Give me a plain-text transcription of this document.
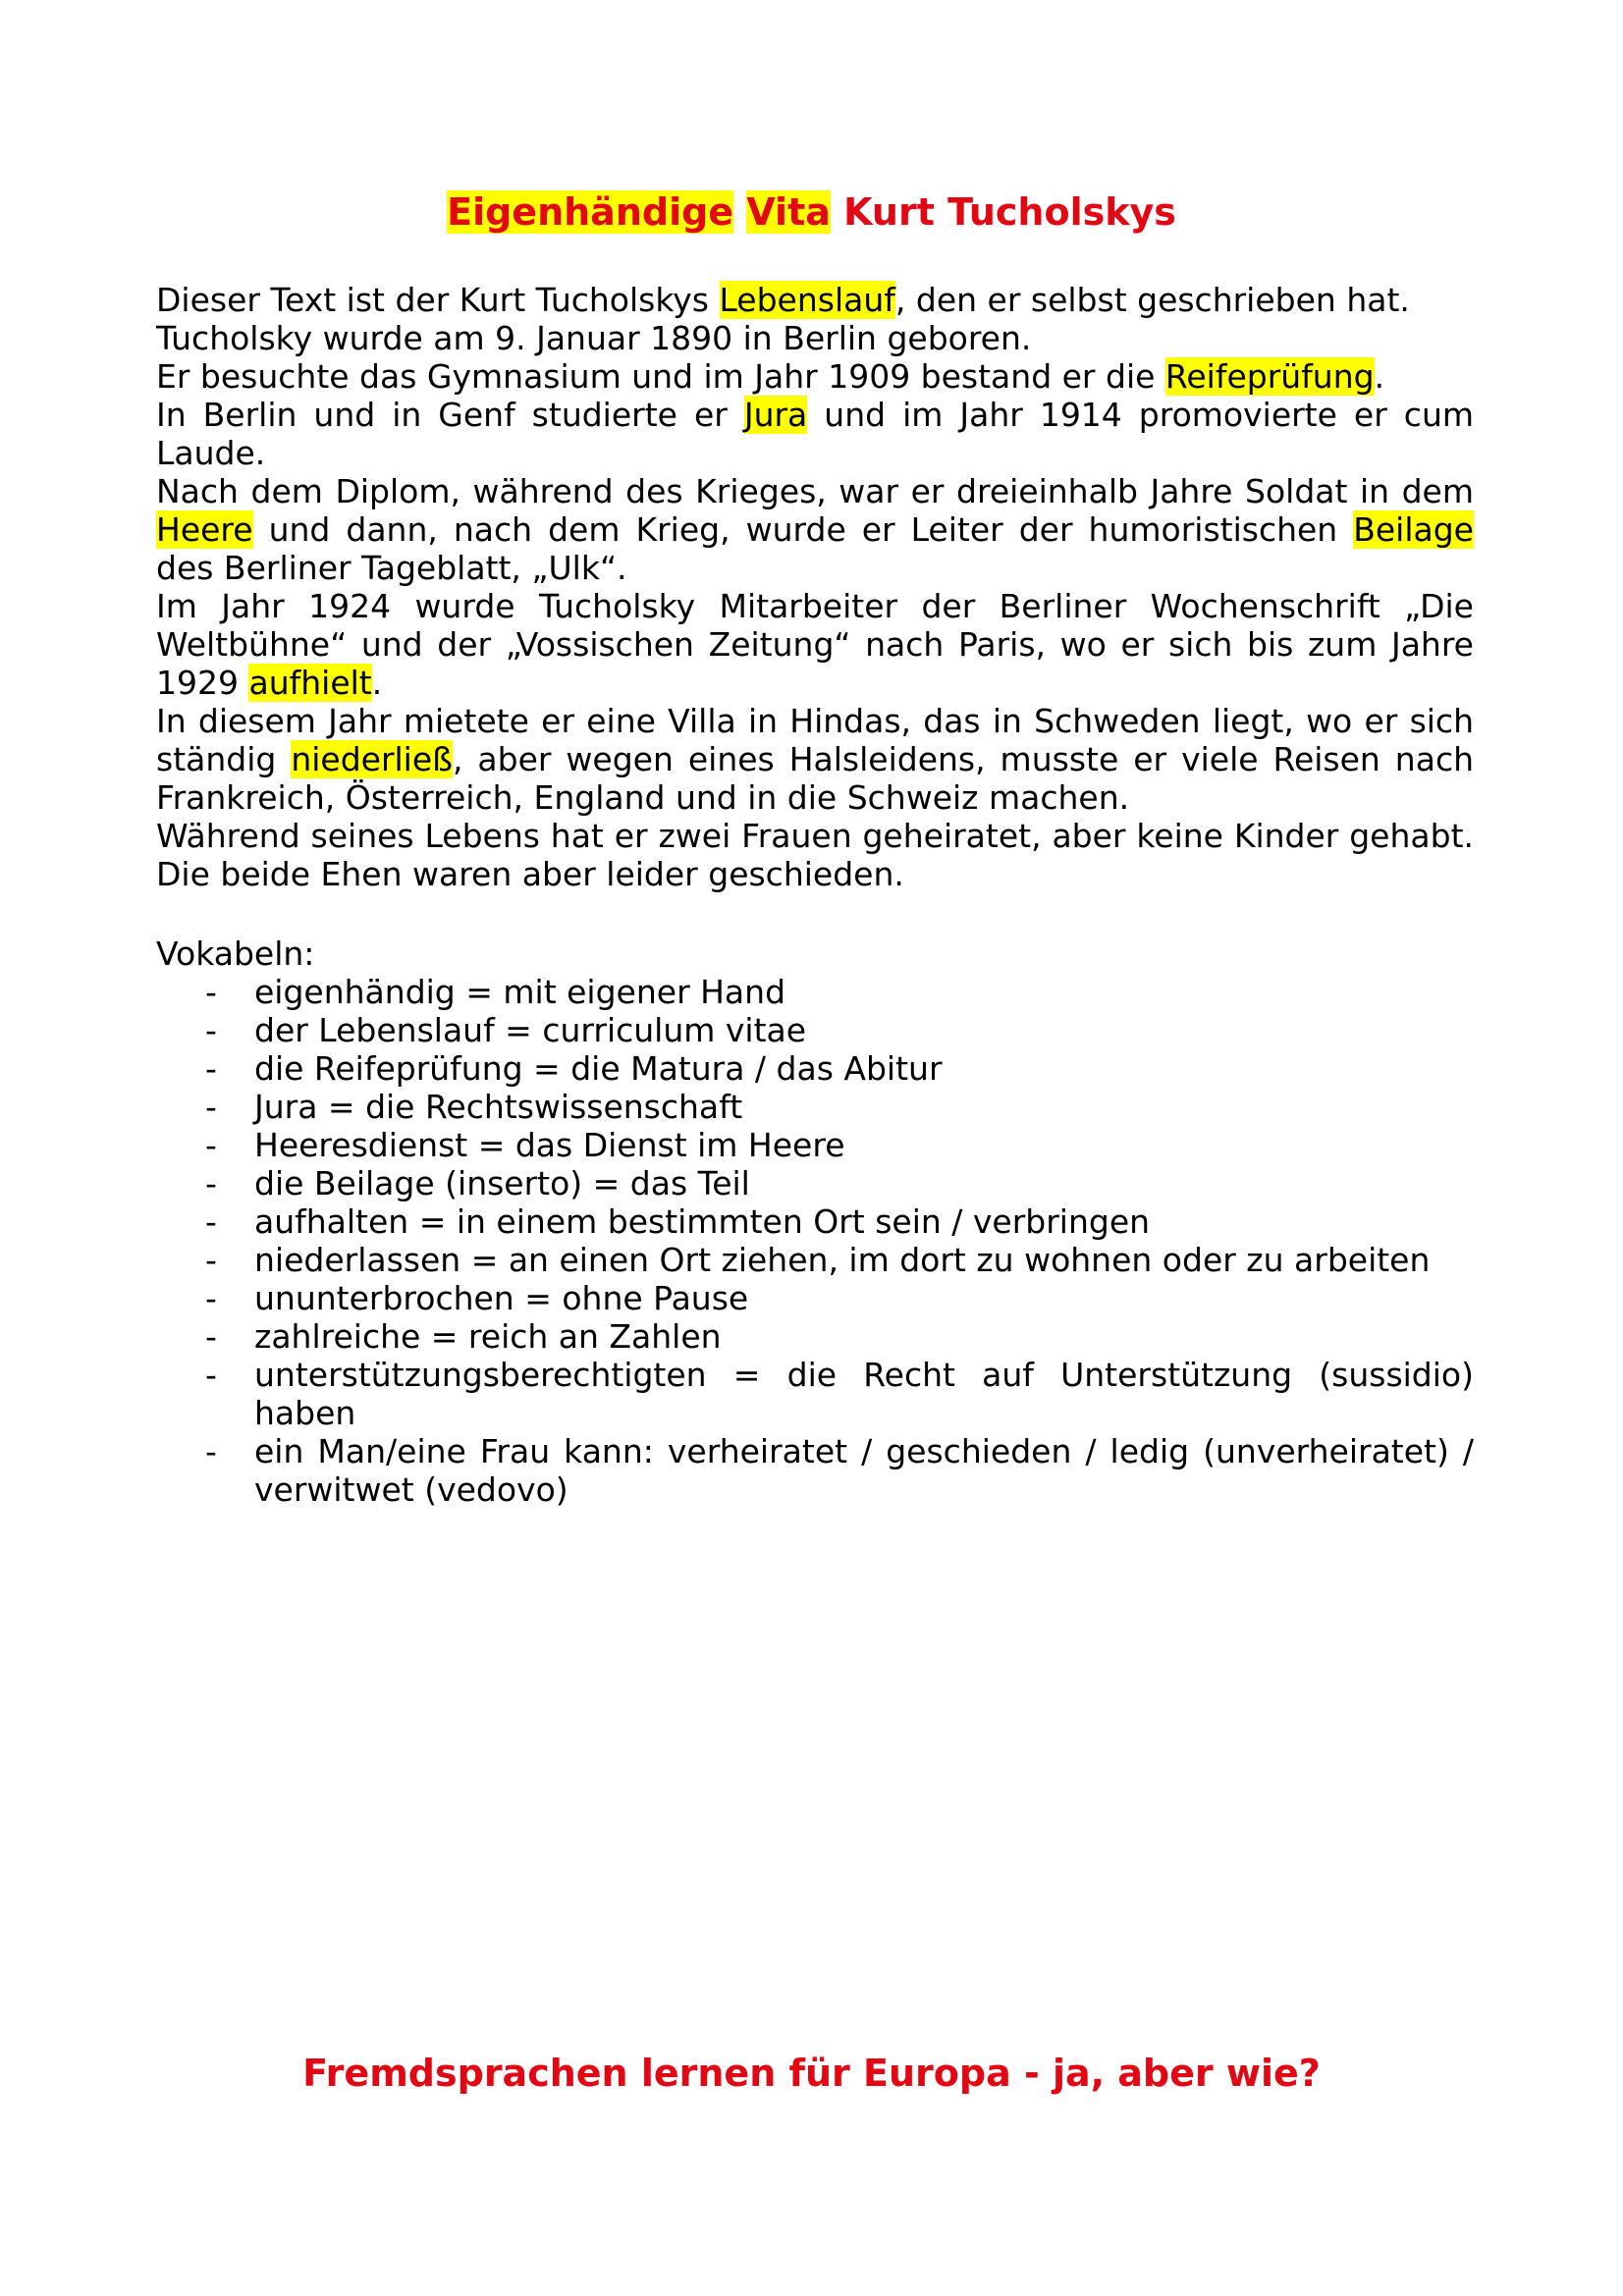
Eigenhändige Vita Kurt Tucholskys

Dieser Text ist der Kurt Tucholskys Lebenslauf, den er selbst geschrieben hat.

Tucholsky wurde am 9. Januar 1890 in Berlin geboren.

Er besuchte das Gymnasium und im Jahr 1909 bestand er die Reifeprüfung.

In Berlin und in Genf studierte er Jura und im Jahr 1914 promovierte er cum Laude.

Nach dem Diplom, während des Krieges, war er dreieinhalb Jahre Soldat in dem Heere und dann, nach dem Krieg, wurde er Leiter der humoristischen Beilage des Berliner Tageblatt, „Ulk“.

Im Jahr 1924 wurde Tucholsky Mitarbeiter der Berliner Wochenschrift „Die Weltbühne“ und der „Vossischen Zeitung“ nach Paris, wo er sich bis zum Jahre 1929 aufhielt.

In diesem Jahr mietete er eine Villa in Hindas, das in Schweden liegt, wo er sich ständig niederließ, aber wegen eines Halsleidens, musste er viele Reisen nach Frankreich, Österreich, England und in die Schweiz machen.

Während seines Lebens hat er zwei Frauen geheiratet, aber keine Kinder gehabt. Die beide Ehen waren aber leider geschieden.

Vokabeln:
- eigenhändig = mit eigener Hand
- der Lebenslauf = curriculum vitae
- die Reifeprüfung = die Matura / das Abitur
- Jura = die Rechtswissenschaft
- Heeresdienst = das Dienst im Heere
- die Beilage (inserto) = das Teil
- aufhalten = in einem bestimmten Ort sein / verbringen
- niederlassen = an einen Ort ziehen, im dort zu wohnen oder zu arbeiten
- ununterbrochen = ohne Pause
- zahlreiche = reich an Zahlen
- unterstützungsberechtigten = die Recht auf Unterstützung (sussidio) haben
- ein Man/eine Frau kann: verheiratet / geschieden / ledig (unverheiratet) / verwitwet (vedovo)
Fremdsprachen lernen für Europa - ja, aber wie?
